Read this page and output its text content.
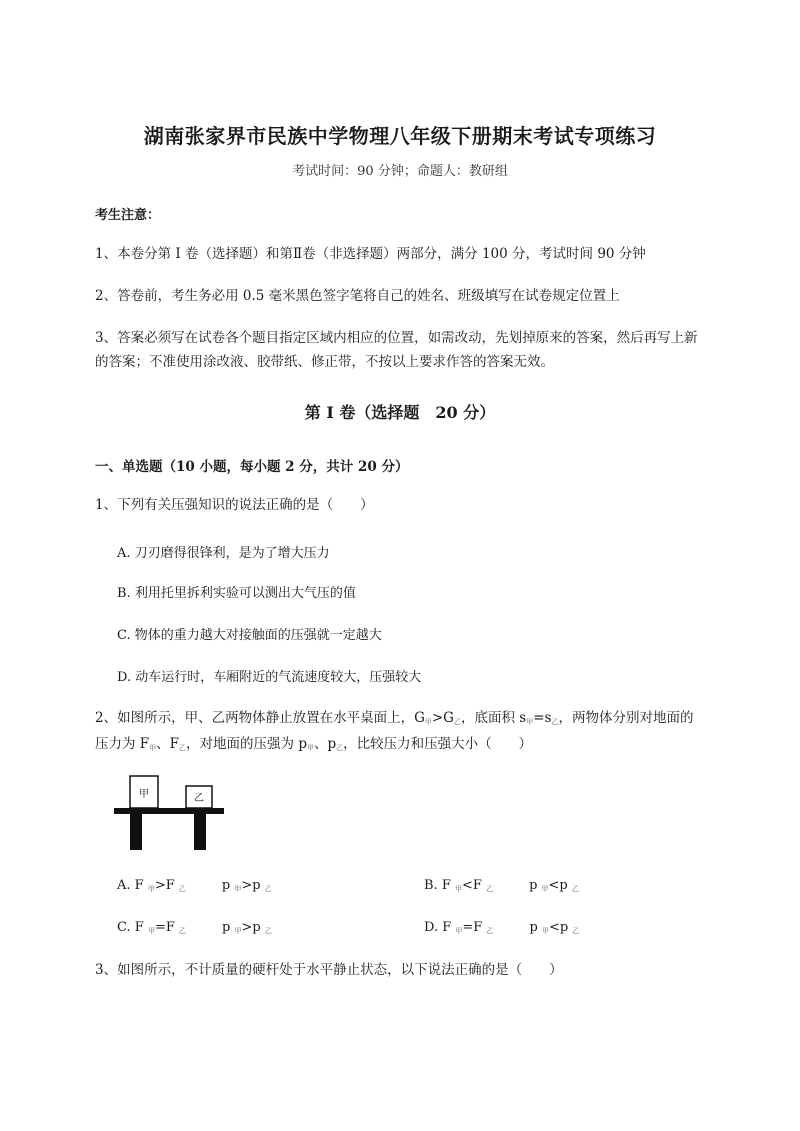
湖南张家界市民族中学物理八年级下册期末考试专项练习
考试时间：90 分钟；命题人：教研组
考生注意：
1、本卷分第 I 卷（选择题）和第Ⅱ卷（非选择题）两部分，满分 100 分，考试时间 90 分钟
2、答卷前，考生务必用 0.5 毫米黑色签字笔将自己的姓名、班级填写在试卷规定位置上
3、答案必须写在试卷各个题目指定区域内相应的位置，如需改动，先划掉原来的答案，然后再写上新
的答案；不准使用涂改液、胶带纸、修正带，不按以上要求作答的答案无效。
第 I 卷（选择题　20 分）
一、单选题（10 小题，每小题 2 分，共计 20 分）
1、下列有关压强知识的说法正确的是（　　）
A. 刀刃磨得很锋利，是为了增大压力
B. 利用托里拆利实验可以测出大气压的值
C. 物体的重力越大对接触面的压强就一定越大
D. 动车运行时，车厢附近的气流速度较大，压强较大
2、如图所示，甲、乙两物体静止放置在水平桌面上，$G_甲>G_乙$，底面积 $s_甲=s_乙$，两物体分别对地面的
压力为 $F_甲$、$F_乙$，对地面的压强为 $p_甲$、$p_乙$，比较压力和压强大小（　　）
甲	乙
A. F $_甲$>F $_乙$	p $_甲$>p $_乙$	B. F $_甲$<F $_乙$	p $_甲$<p $_乙$
C. F $_甲$=F $_乙$	p $_甲$>p $_乙$	D. F $_甲$=F $_乙$	p $_甲$<p $_乙$
3、如图所示，不计质量的硬杆处于水平静止状态，以下说法正确的是（　　）
